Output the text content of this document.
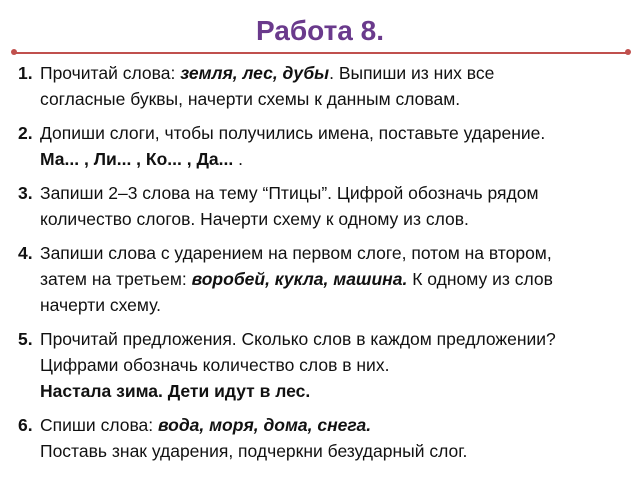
Работа 8.
1. Прочитай слова: земля, лес, дубы. Выпиши из них все
согласные буквы, начерти схемы к данным словам.
2. Допиши слоги, чтобы получились имена, поставьте ударение.
Ма... , Ли... , Ко... , Да... .
3. Запиши 2–3 слова на тему “Птицы”. Цифрой обозначь рядом
количество слогов. Начерти схему к одному из слов.
4. Запиши слова с ударением на первом слоге, потом на втором,
затем на третьем: воробей, кукла, машина. К одному из слов
начерти схему.
5. Прочитай предложения. Сколько слов в каждом предложении?
Цифрами обозначь количество слов в них.
Настала зима. Дети идут в лес.
6. Спиши слова: вода, моря, дома, снега.
Поставь знак ударения, подчеркни безударный слог.
